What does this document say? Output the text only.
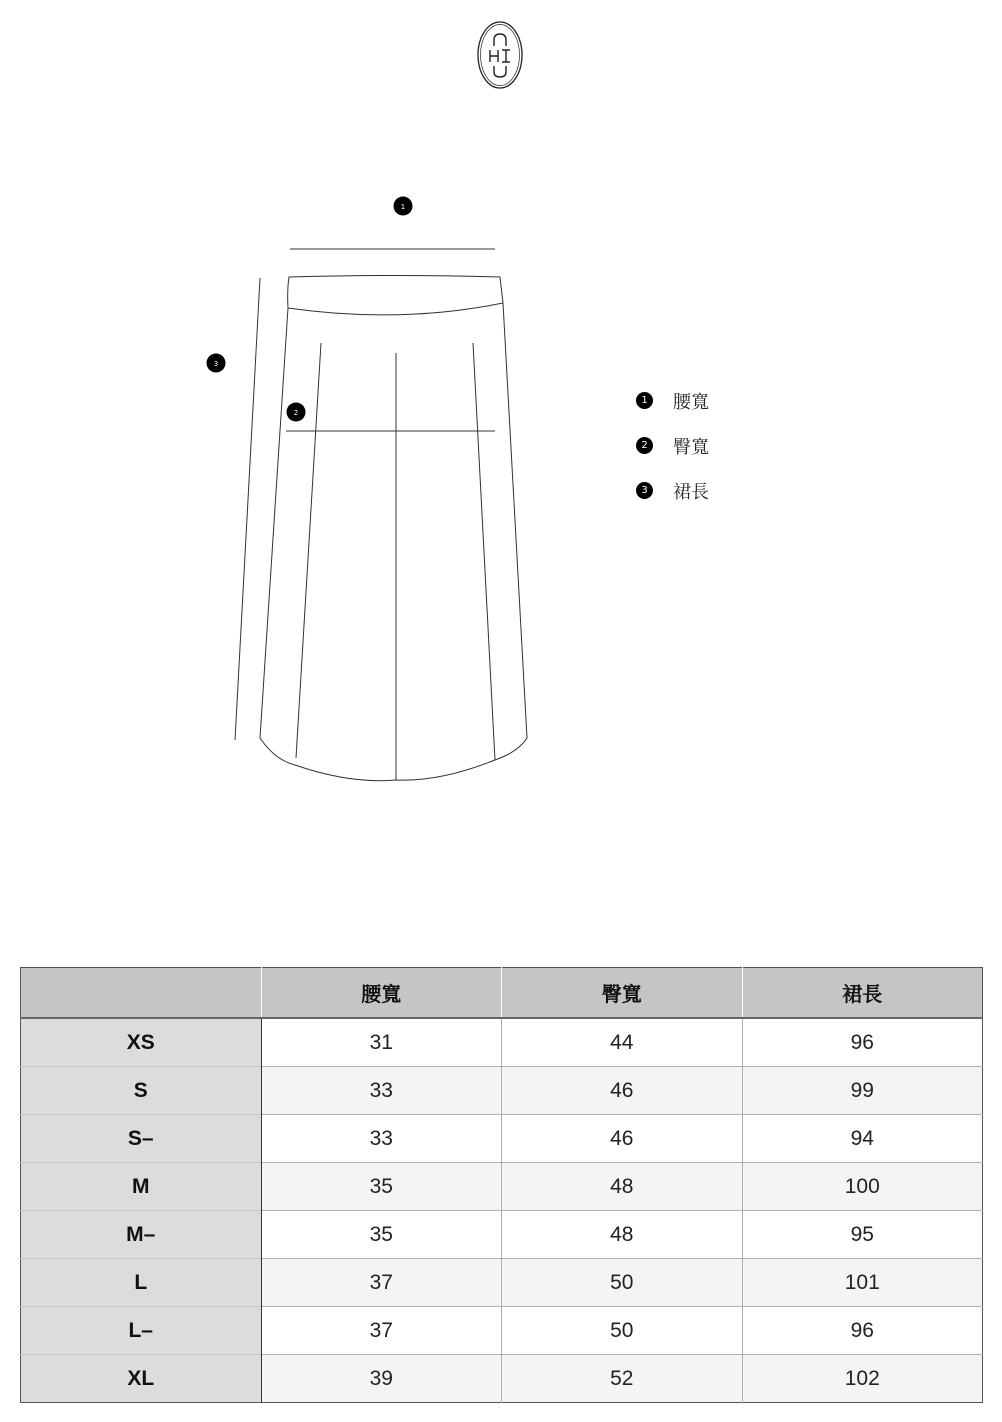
1
3
2
1 腰寬
2 臀寬
3 裙長
	腰寬	臀寬	裙長
XS	31	44	96
S	33	46	99
S–	33	46	94
M	35	48	100
M–	35	48	95
L	37	50	101
L–	37	50	96
XL	39	52	102
